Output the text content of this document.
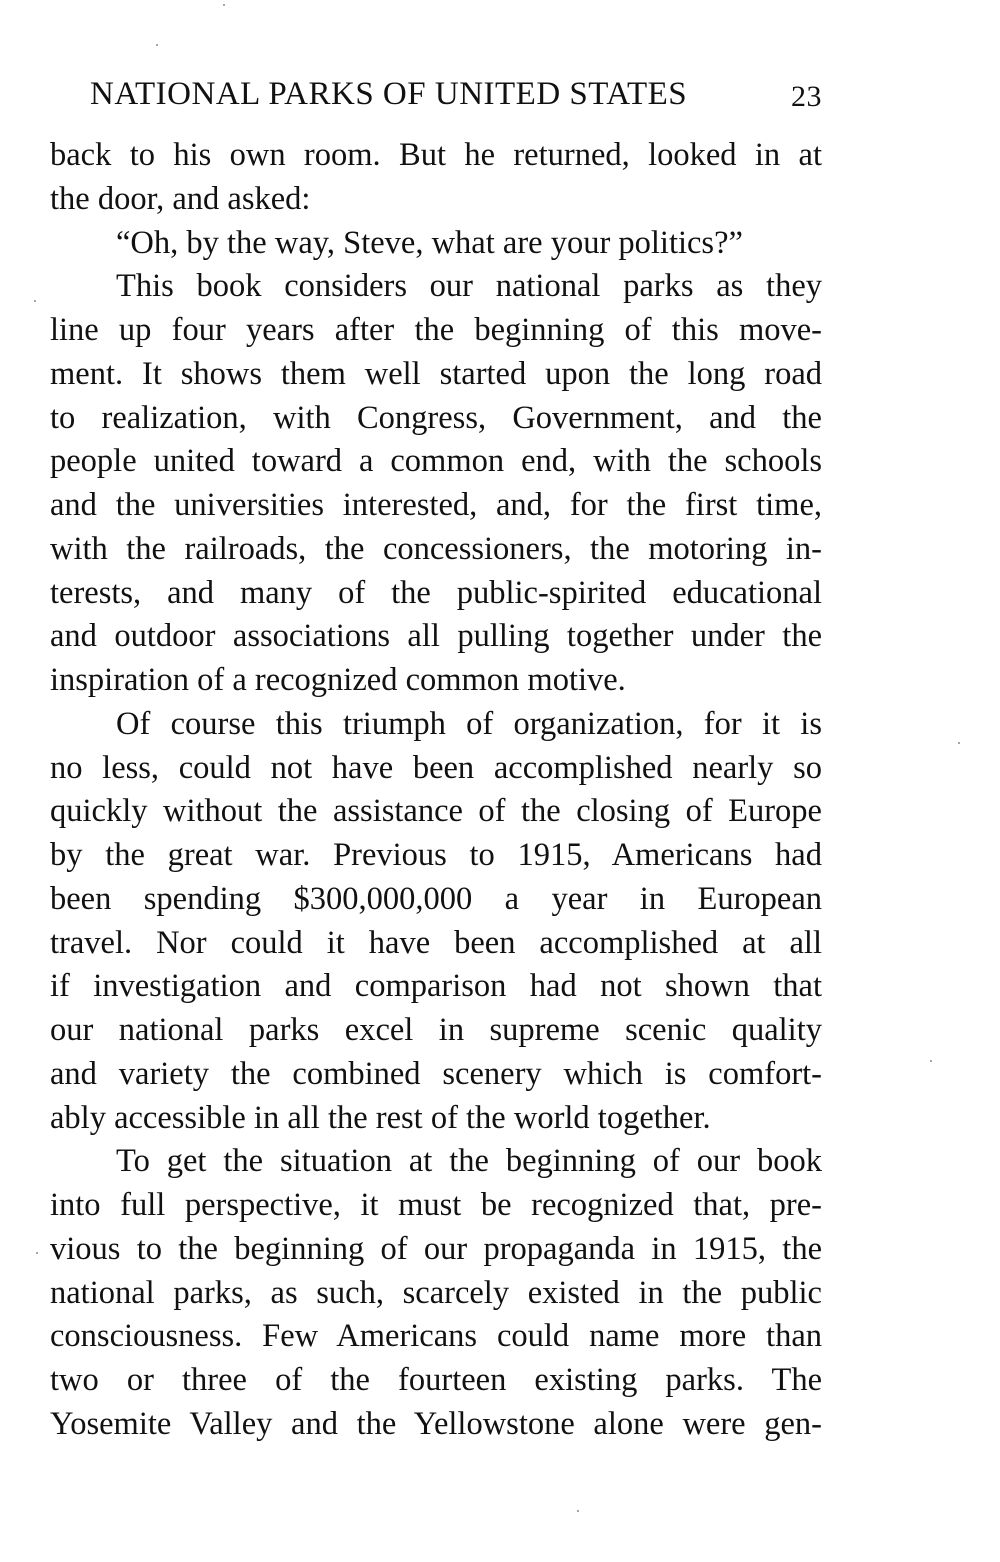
NATIONAL PARKS OF UNITED STATES	23
back to his own room. But he returned, looked in at
the door, and asked:
“Oh, by the way, Steve, what are your politics?”
This book considers our national parks as they
line up four years after the beginning of this move-
ment. It shows them well started upon the long road
to realization, with Congress, Government, and the
people united toward a common end, with the schools
and the universities interested, and, for the first time,
with the railroads, the concessioners, the motoring in-
terests, and many of the public-spirited educational
and outdoor associations all pulling together under the
inspiration of a recognized common motive.
Of course this triumph of organization, for it is
no less, could not have been accomplished nearly so
quickly without the assistance of the closing of Europe
by the great war. Previous to 1915, Americans had
been spending $300,000,000 a year in European
travel. Nor could it have been accomplished at all
if investigation and comparison had not shown that
our national parks excel in supreme scenic quality
and variety the combined scenery which is comfort-
ably accessible in all the rest of the world together.
To get the situation at the beginning of our book
into full perspective, it must be recognized that, pre-
vious to the beginning of our propaganda in 1915, the
national parks, as such, scarcely existed in the public
consciousness. Few Americans could name more than
two or three of the fourteen existing parks. The
Yosemite Valley and the Yellowstone alone were gen-
